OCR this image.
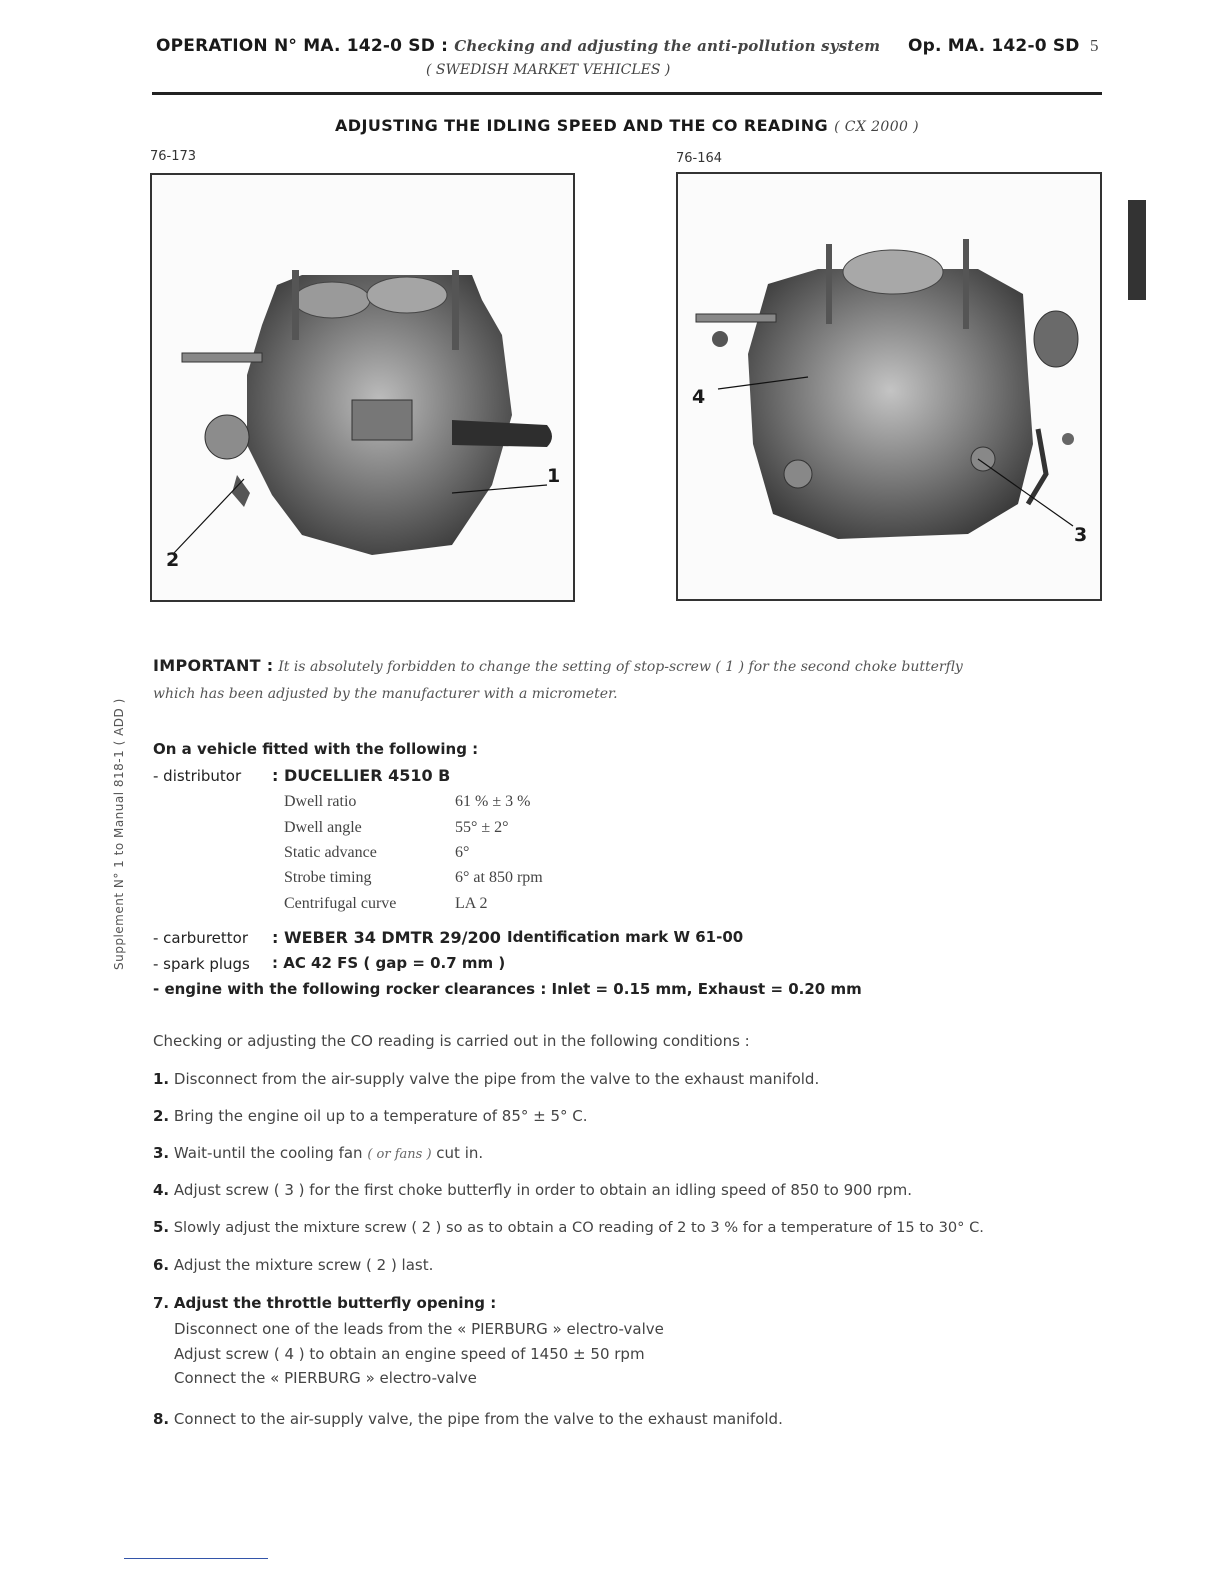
OPERATION N° MA. 142-0 SD : Checking and adjusting the anti-pollution system
( SWEDISH MARKET VEHICLES )
Op. MA. 142-0 SD 5
ADJUSTING THE IDLING SPEED AND THE CO READING ( CX 2000 )
76-173
1
2
76-164
4
3
Supplement N° 1 to Manual 818-1 ( ADD )
IMPORTANT : It is absolutely forbidden to change the setting of stop-screw ( 1 ) for the second choke butterfly
which has been adjusted by the manufacturer with a micrometer.
On a vehicle fitted with the following :
- distributor : DUCELLIER 4510 B
Dwell ratio	61 % ± 3 %
Dwell angle	55° ± 2°
Static advance	6°
Strobe timing	6° at 850 rpm
Centrifugal curve	LA 2
- carburettor : WEBER 34 DMTR 29/200 Identification mark W 61-00
- spark plugs : AC 42 FS ( gap = 0.7 mm )
- engine with the following rocker clearances : Inlet = 0.15 mm, Exhaust = 0.20 mm
Checking or adjusting the CO reading is carried out in the following conditions :
1. Disconnect from the air-supply valve the pipe from the valve to the exhaust manifold.
2. Bring the engine oil up to a temperature of 85° ± 5° C.
3. Wait-until the cooling fan ( or fans ) cut in.
4. Adjust screw ( 3 ) for the first choke butterfly in order to obtain an idling speed of 850 to 900 rpm.
5. Slowly adjust the mixture screw ( 2 ) so as to obtain a CO reading of 2 to 3 % for a temperature of 15 to 30° C.
6. Adjust the mixture screw ( 2 ) last.
7. Adjust the throttle butterfly opening :
Disconnect one of the leads from the « PIERBURG » electro-valve
Adjust screw ( 4 ) to obtain an engine speed of 1450 ± 50 rpm
Connect the « PIERBURG » electro-valve
8. Connect to the air-supply valve, the pipe from the valve to the exhaust manifold.
